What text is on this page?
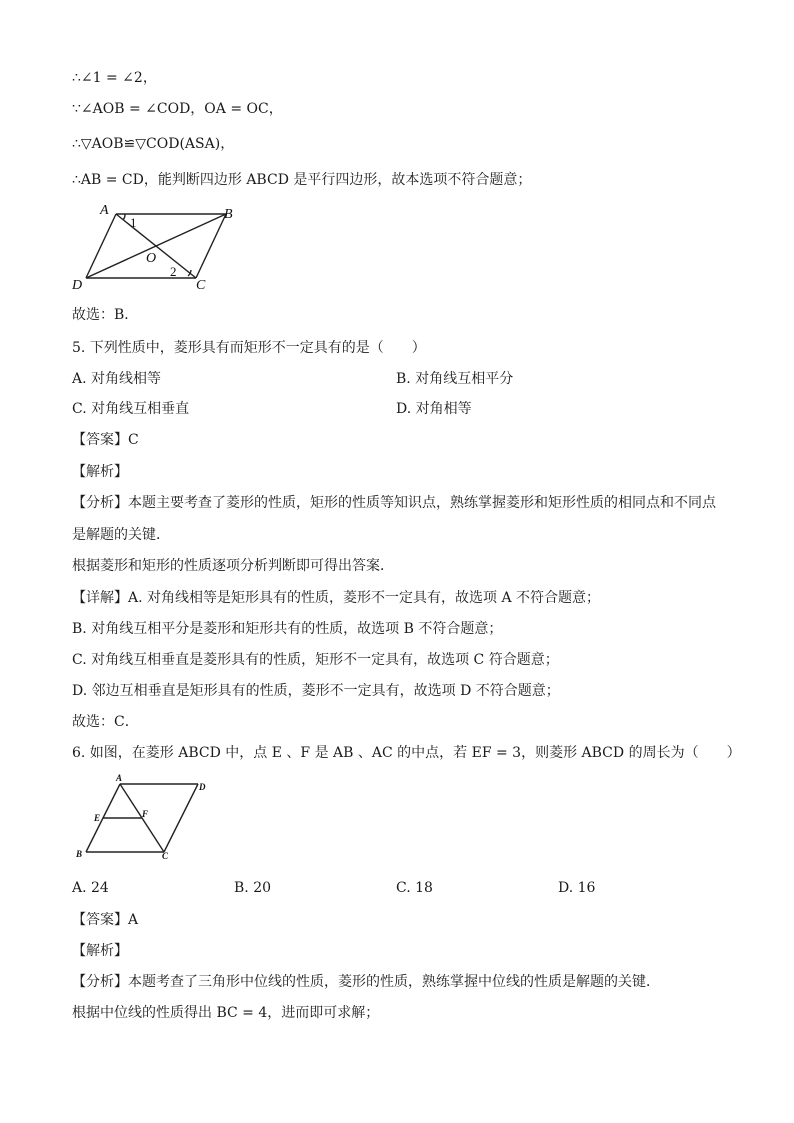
∴∠1 = ∠2，
∵∠AOB = ∠COD，OA = OC，
∴▽AOB≌▽COD(ASA)，
∴AB = CD，能判断四边形 ABCD 是平行四边形，故本选项不符合题意；
A	B
C
D
O
1
2
故选：B．
5. 下列性质中，菱形具有而矩形不一定具有的是（　　）
A. 对角线相等	B. 对角线互相平分
C. 对角线互相垂直	D. 对角相等
【答案】C
【解析】
【分析】本题主要考查了菱形的性质，矩形的性质等知识点，熟练掌握菱形和矩形性质的相同点和不同点
是解题的关键．
根据菱形和矩形的性质逐项分析判断即可得出答案．
【详解】A. 对角线相等是矩形具有的性质，菱形不一定具有，故选项 A 不符合题意；
B. 对角线互相平分是菱形和矩形共有的性质，故选项 B 不符合题意；
C. 对角线互相垂直是菱形具有的性质，矩形不一定具有，故选项 C 符合题意；
D. 邻边互相垂直是矩形具有的性质，菱形不一定具有，故选项 D 不符合题意；
故选：C．
6. 如图，在菱形 ABCD 中，点 E 、F 是 AB 、AC 的中点，若 EF = 3，则菱形 ABCD 的周长为（　　）
A
D
E	F
B	C
A. 24	B. 20	C. 18	D. 16
【答案】A
【解析】
【分析】本题考查了三角形中位线的性质，菱形的性质，熟练掌握中位线的性质是解题的关键．
根据中位线的性质得出 BC = 4，进而即可求解；
